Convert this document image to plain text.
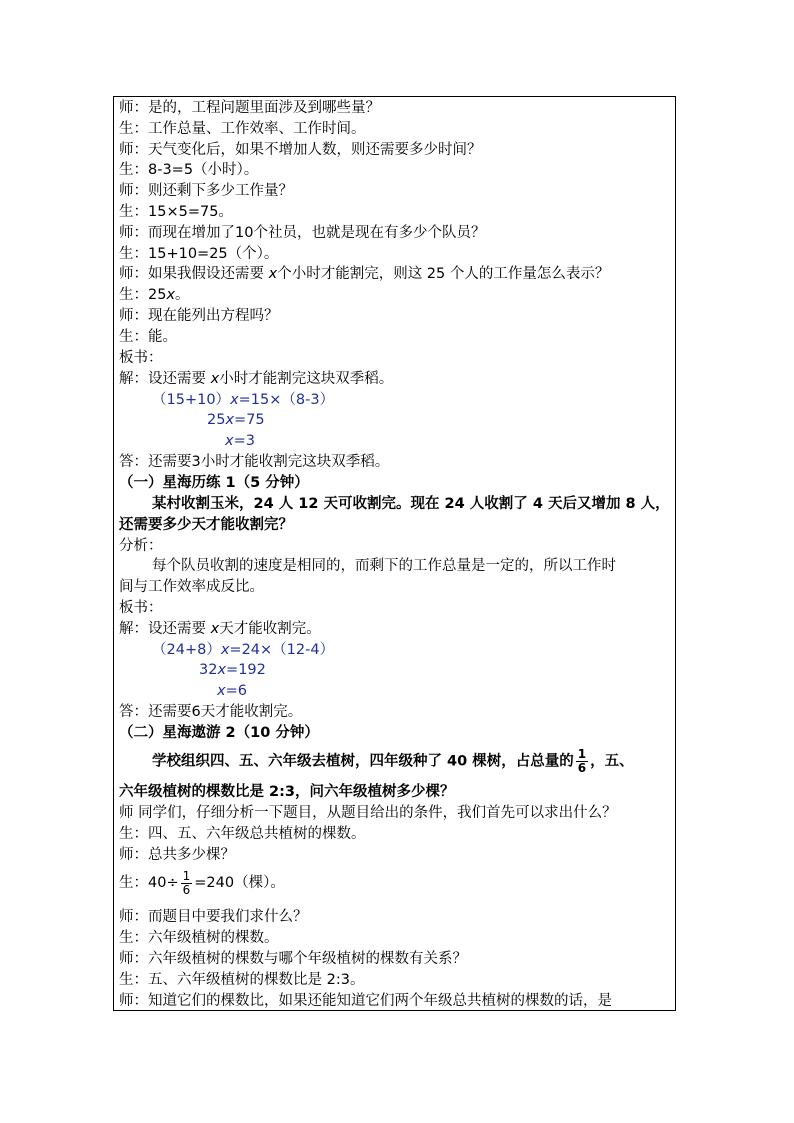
师：是的，工程问题里面涉及到哪些量？
生：工作总量、工作效率、工作时间。
师：天气变化后，如果不增加人数，则还需要多少时间？
生：8-3=5（小时）。
师：则还剩下多少工作量？
生：15×5=75。
师：而现在增加了10个社员，也就是现在有多少个队员？
生：15+10=25（个）。
师：如果我假设还需要 x个小时才能割完，则这 25 个人的工作量怎么表示？
生：25x。
师：现在能列出方程吗？
生：能。
板书：
解：设还需要 x小时才能割完这块双季稻。
（15+10）x=15×（8-3）
25x=75
x=3
答：还需要3小时才能收割完这块双季稻。
（一）星海历练 1（5 分钟）
某村收割玉米，24 人 12 天可收割完。现在 24 人收割了 4 天后又增加 8 人，
还需要多少天才能收割完？
分析：
每个队员收割的速度是相同的，而剩下的工作总量是一定的，所以工作时
间与工作效率成反比。
板书：
解：设还需要 x天才能收割完。
（24+8）x=24×（12-4）
32x=192
x=6
答：还需要6天才能收割完。
（二）星海遨游 2（10 分钟）
学校组织四、五、六年级去植树，四年级种了 40 棵树，占总量的 $\frac{1}{6}$ ，五、
六年级植树的棵数比是 2:3，问六年级植树多少棵？
师 同学们，仔细分析一下题目，从题目给出的条件，我们首先可以求出什么？
生：四、五、六年级总共植树的棵数。
师：总共多少棵？
生：$40\div \frac{1}{6} =240$（棵）。
师：而题目中要我们求什么？
生：六年级植树的棵数。
师：六年级植树的棵数与哪个年级植树的棵数有关系？
生：五、六年级植树的棵数比是 2:3。
师：知道它们的棵数比，如果还能知道它们两个年级总共植树的棵数的话，是
